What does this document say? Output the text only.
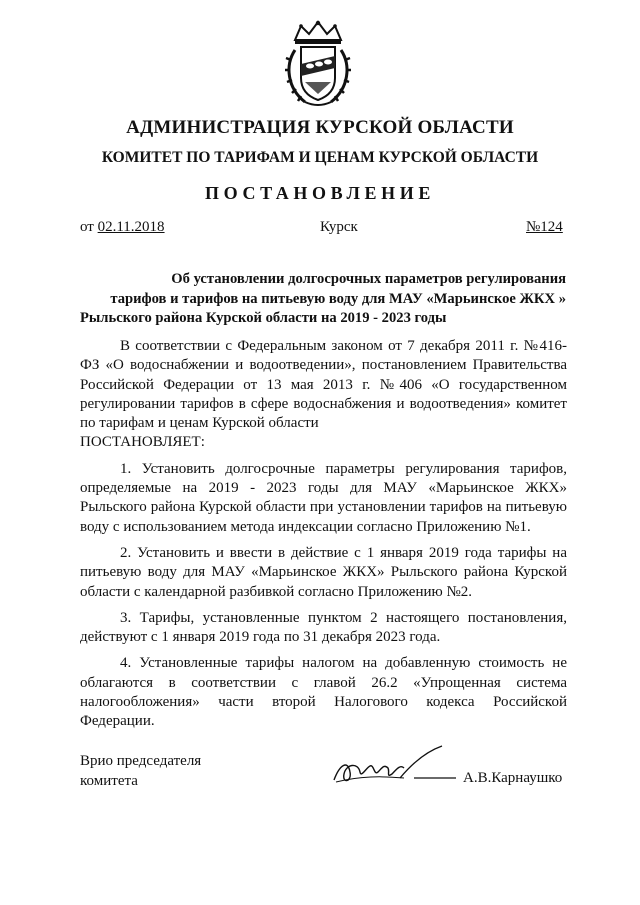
АДМИНИСТРАЦИЯ КУРСКОЙ ОБЛАСТИ
КОМИТЕТ ПО ТАРИФАМ И ЦЕНАМ КУРСКОЙ ОБЛАСТИ
ПОСТАНОВЛЕНИЕ
от 02.11.2018	Курск	№124
Об установлении долгосрочных параметров регулирования
тарифов и тарифов на питьевую воду для МАУ «Марьинское ЖКХ »
Рыльского района Курской области на 2019 - 2023 годы

В соответствии с Федеральным законом от 7 декабря 2011 г. №416-ФЗ «О водоснабжении и водоотведении», постановлением Правительства Российской Федерации от 13 мая 2013 г. №406 «О государственном регулировании тарифов в сфере водоснабжения и водоотведения» комитет по тарифам и ценам Курской области
ПОСТАНОВЛЯЕТ:

1. Установить долгосрочные параметры регулирования тарифов, определяемые на 2019 - 2023 годы для МАУ «Марьинское ЖКХ» Рыльского района Курской области при установлении тарифов на питьевую воду с использованием метода индексации согласно Приложению №1.

2. Установить и ввести в действие с 1 января 2019 года тарифы на питьевую воду для МАУ «Марьинское ЖКХ» Рыльского района Курской области с календарной разбивкой согласно Приложению №2.

3. Тарифы, установленные пунктом 2 настоящего постановления, действуют с 1 января 2019 года по 31 декабря 2023 года.

4. Установленные тарифы налогом на добавленную стоимость не облагаются в соответствии с главой 26.2 «Упрощенная система налогообложения» части второй Налогового кодекса Российской Федерации.

Врио председателя
комитета	А.В.Карнаушко
